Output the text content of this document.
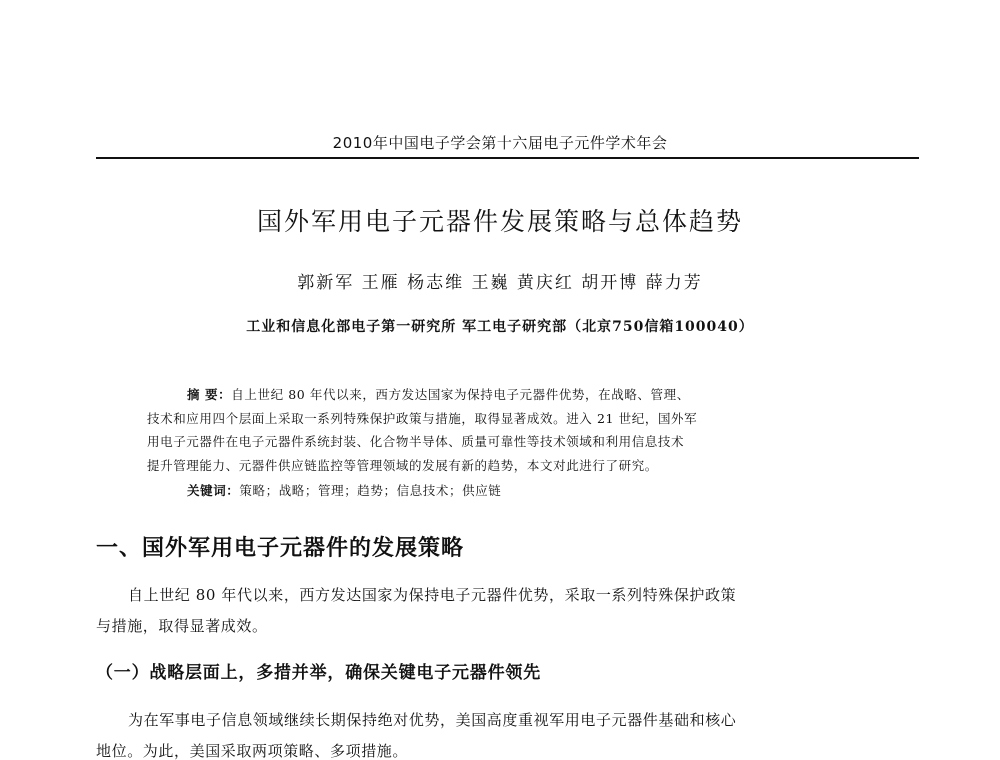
2010年中国电子学会第十六届电子元件学术年会
国外军用电子元器件发展策略与总体趋势
郭新军 王雁 杨志维 王巍 黄庆红 胡开博 薛力芳
工业和信息化部电子第一研究所 军工电子研究部（北京750信箱100040）
摘 要：自上世纪 80 年代以来，西方发达国家为保持电子元器件优势，在战略、管理、
技术和应用四个层面上采取一系列特殊保护政策与措施，取得显著成效。进入 21 世纪，国外军
用电子元器件在电子元器件系统封装、化合物半导体、质量可靠性等技术领域和利用信息技术
提升管理能力、元器件供应链监控等管理领域的发展有新的趋势，本文对此进行了研究。
关键词：策略；战略；管理；趋势；信息技术；供应链
一、国外军用电子元器件的发展策略
自上世纪 80 年代以来，西方发达国家为保持电子元器件优势，采取一系列特殊保护政策
与措施，取得显著成效。
（一）战略层面上，多措并举，确保关键电子元器件领先
为在军事电子信息领域继续长期保持绝对优势，美国高度重视军用电子元器件基础和核心
地位。为此，美国采取两项策略、多项措施。
